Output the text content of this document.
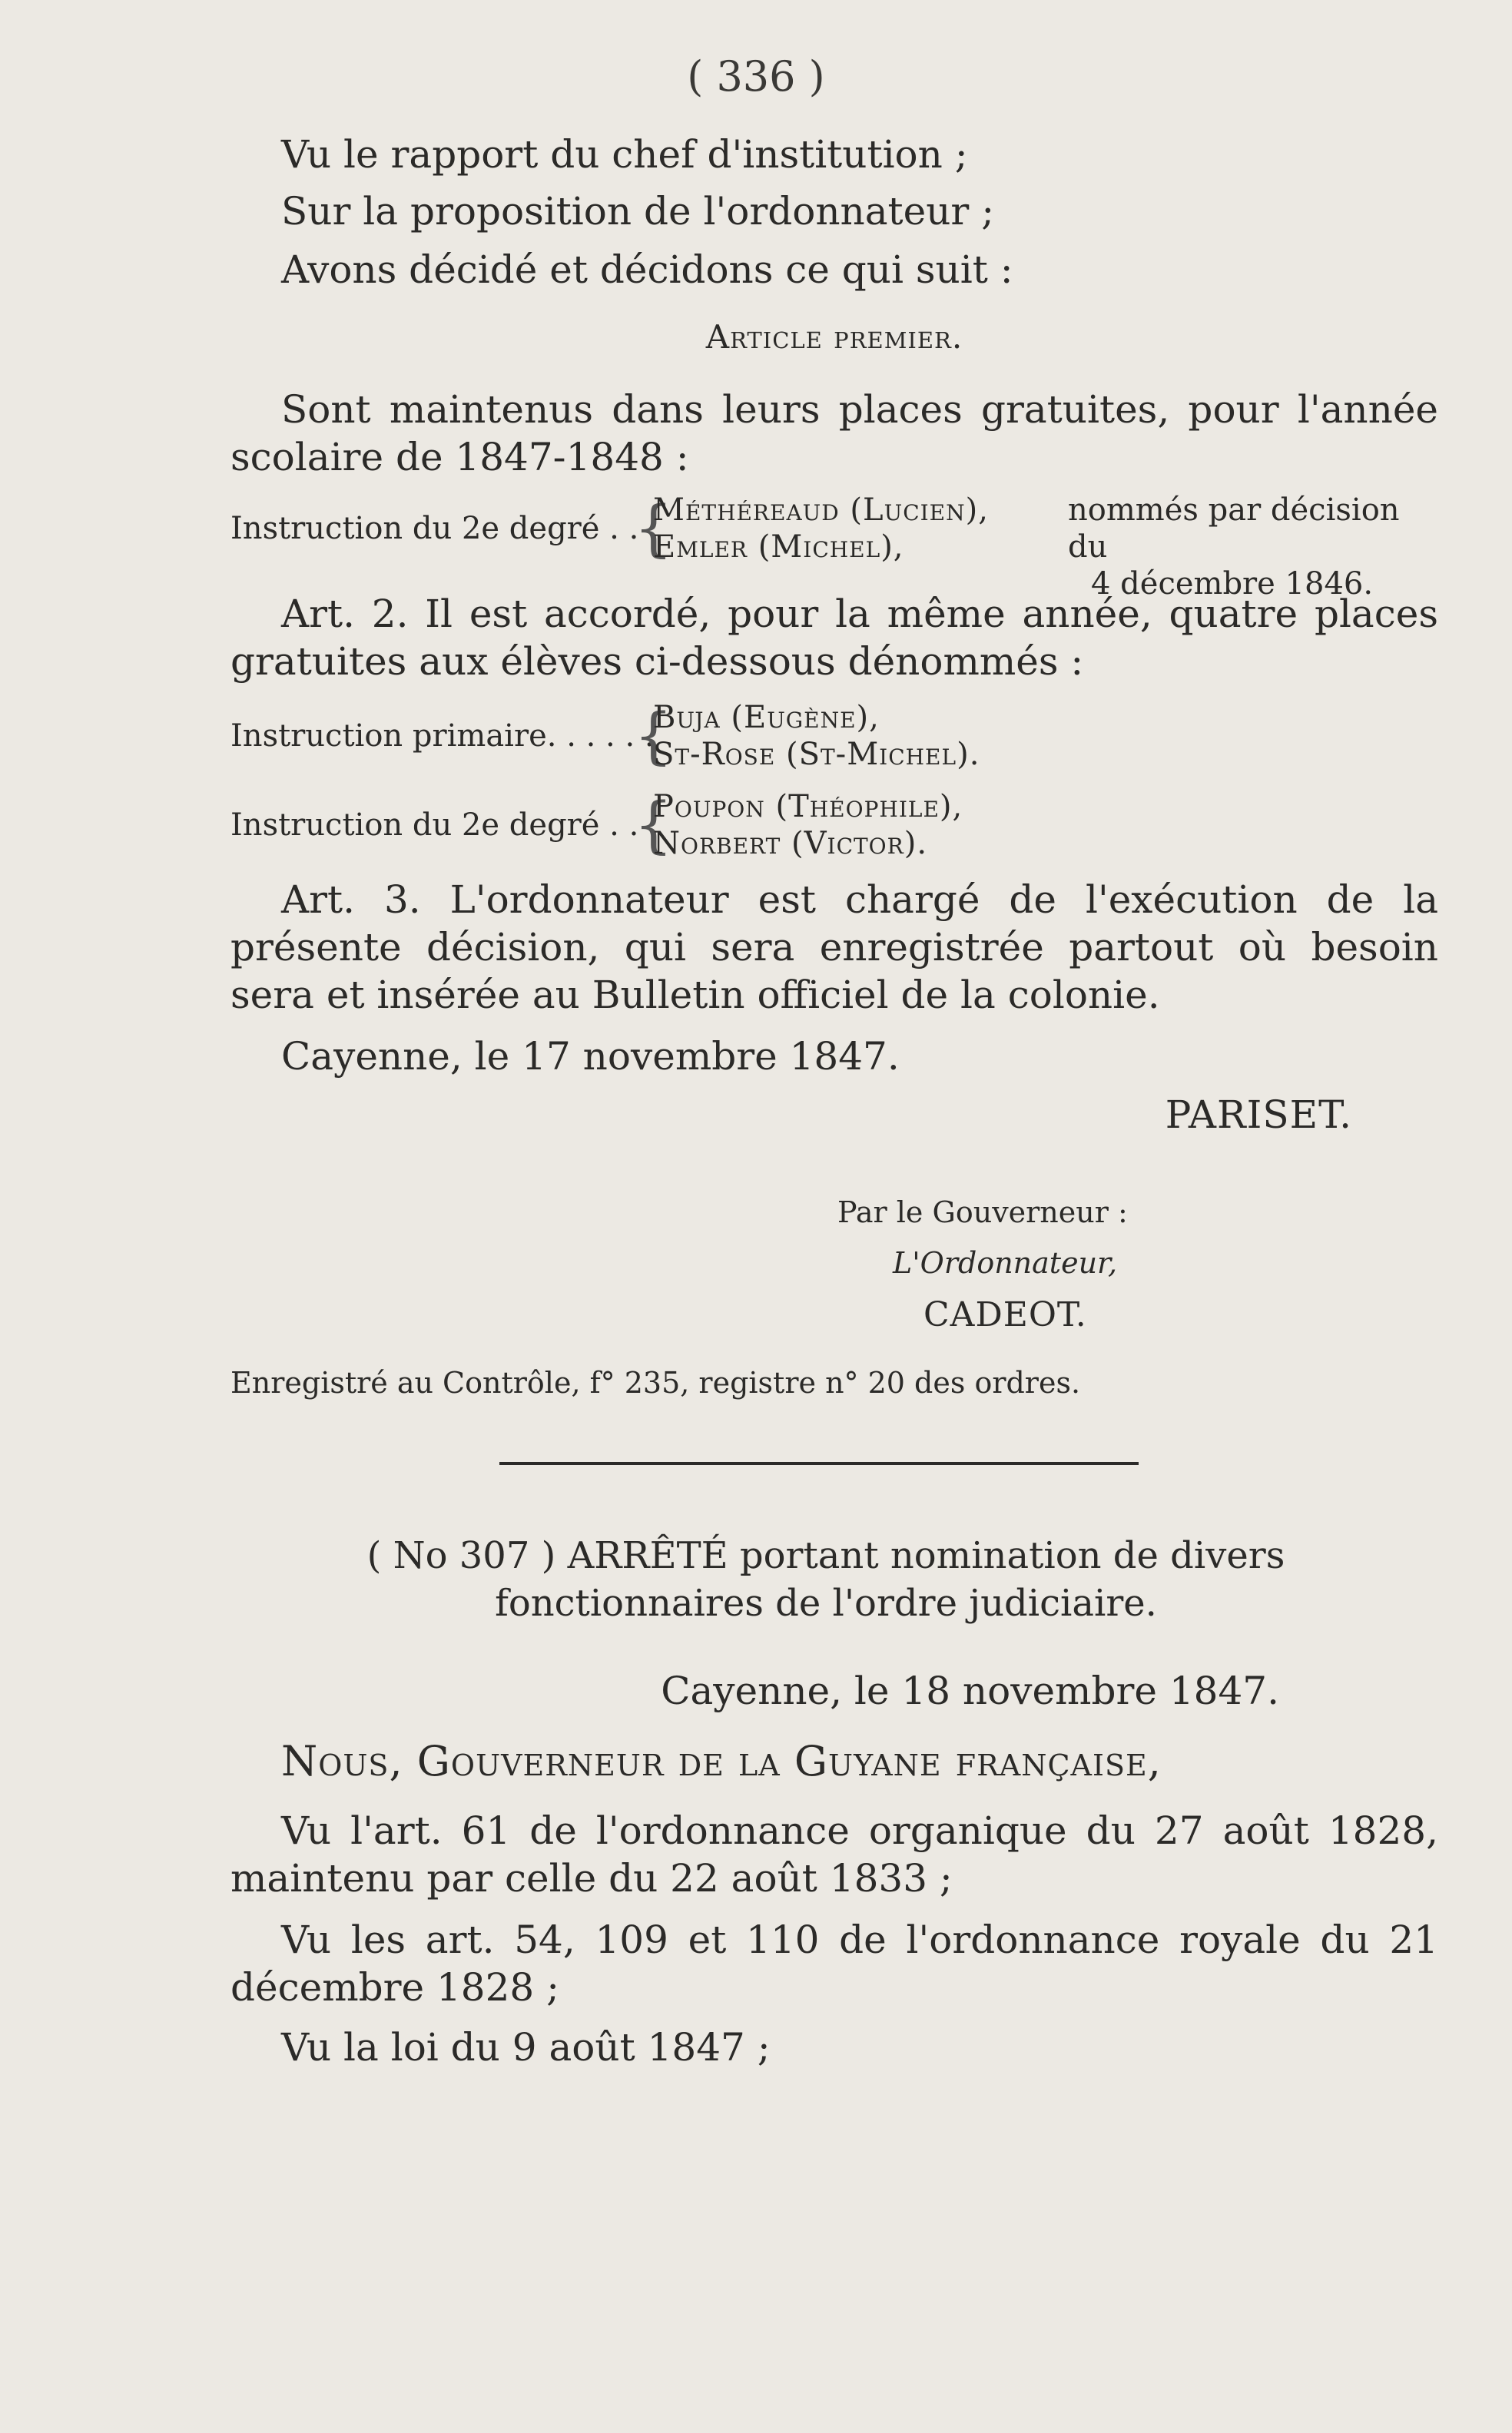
( 336 )
Vu le rapport du chef d'institution ;
Sur la proposition de l'ordonnateur ;
Avons décidé et décidons ce qui suit :
Article premier.
Sont maintenus dans leurs places gratuites, pour l'année scolaire de 1847-1848 :
Instruction du 2e degré . .
{
Méthéreaud (Lucien),
Emler (Michel),
nommés par décision du
4 décembre 1846.
Art. 2. Il est accordé, pour la même année, quatre places gratuites aux élèves ci-dessous dénommés :
Instruction primaire. . . . . .
{
Buja (Eugène),
St-Rose (St-Michel).
Instruction du 2e degré . .
{
Poupon (Théophile),
Norbert (Victor).
Art. 3. L'ordonnateur est chargé de l'exécution de la présente décision, qui sera enregistrée partout où besoin sera et insérée au Bulletin officiel de la colonie.
Cayenne, le 17 novembre 1847.
PARISET.
Par le Gouverneur :
L'Ordonnateur,
CADEOT.
Enregistré au Contrôle, f° 235, registre n° 20 des ordres.
( No 307 ) ARRÊTÉ portant nomination de divers fonctionnaires de l'ordre judiciaire.
Cayenne, le 18 novembre 1847.
Nous, Gouverneur de la Guyane française,
Vu l'art. 61 de l'ordonnance organique du 27 août 1828, maintenu par celle du 22 août 1833 ;
Vu les art. 54, 109 et 110 de l'ordonnance royale du 21 décembre 1828 ;
Vu la loi du 9 août 1847 ;
